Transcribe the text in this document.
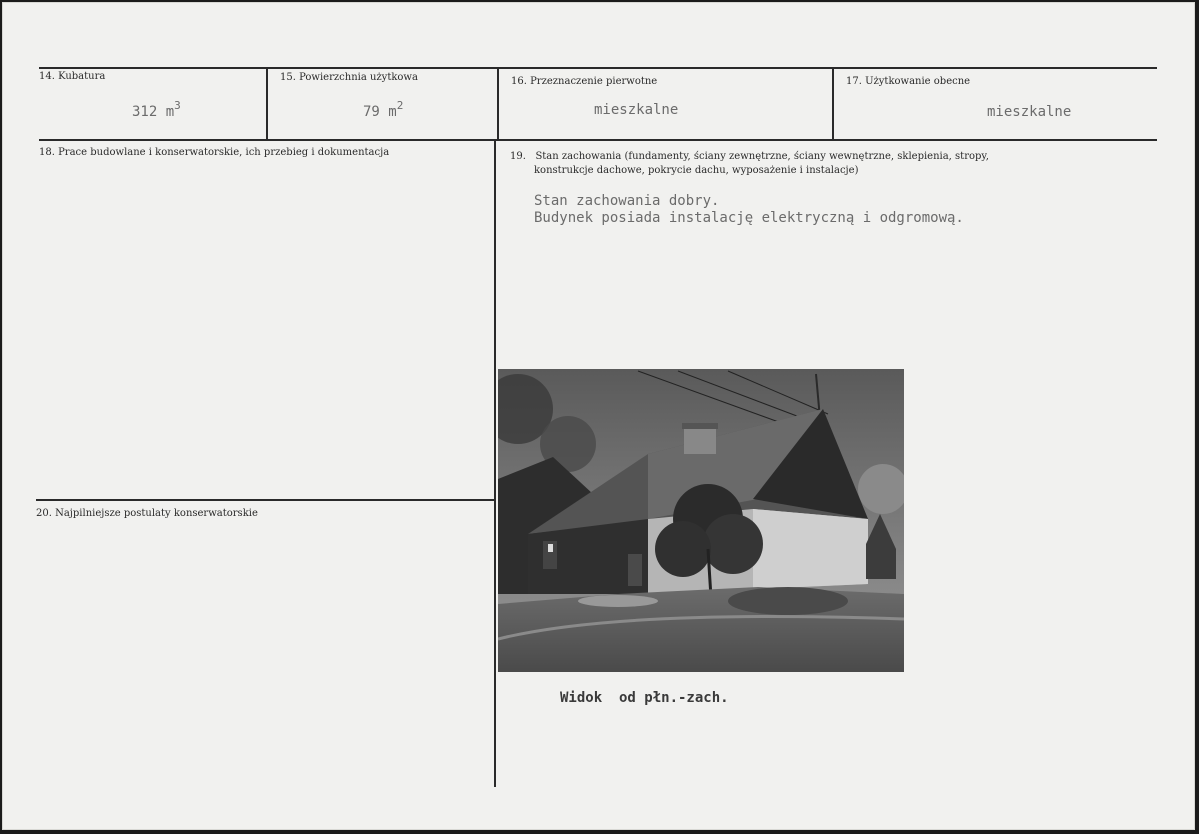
14. Kubatura
312 $m^3$
15. Powierzchnia użytkowa
79 $m^2$
16. Przeznaczenie pierwotne
mieszkalne
17. Użytkowanie obecne
mieszkalne
18. Prace budowlane i konserwatorskie, ich przebieg i dokumentacja	19.   Stan zachowania (fundamenty, ściany zewnętrzne, ściany wewnętrzne, sklepienia, stropy,
konstrukcje dachowe, pokrycie dachu, wyposażenie i instalacje)
Stan zachowania dobry.
Budynek posiada instalację elektryczną i odgromową.
20. Najpilniejsze postulaty konserwatorskie
Widok  od płn.-zach.
